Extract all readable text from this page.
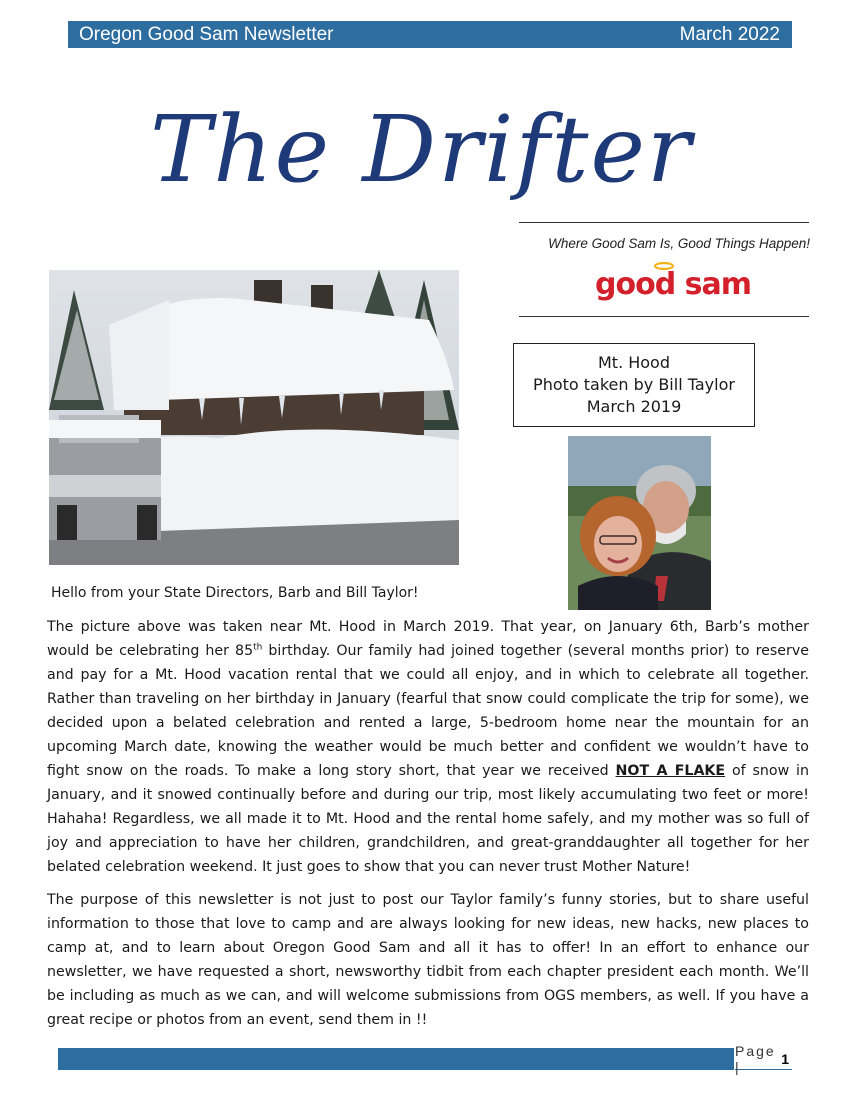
Oregon Good Sam Newsletter	March 2022
The Drifter
Where Good Sam Is, Good Things Happen!
good sam
Mt. Hood
Photo taken by Bill Taylor
March 2019
Hello from your State Directors, Barb and Bill Taylor!

The picture above was taken near Mt. Hood in March 2019. That year, on January 6th, Barb’s mother would be celebrating her 85th birthday. Our family had joined together (several months prior) to reserve and pay for a Mt. Hood vacation rental that we could all enjoy, and in which to celebrate all together. Rather than traveling on her birthday in January (fearful that snow could complicate the trip for some), we decided upon a belated celebration and rented a large, 5-bedroom home near the mountain for an upcoming March date, knowing the weather would be much better and confident we wouldn’t have to fight snow on the roads. To make a long story short, that year we received NOT A FLAKE of snow in January, and it snowed continually before and during our trip, most likely accumulating two feet or more! Hahaha! Regardless, we all made it to Mt. Hood and the rental home safely, and my mother was so full of joy and appreciation to have her children, grandchildren, and great-granddaughter all together for her belated celebration weekend. It just goes to show that you can never trust Mother Nature!

The purpose of this newsletter is not just to post our Taylor family’s funny stories, but to share useful information to those that love to camp and are always looking for new ideas, new hacks, new places to camp at, and to learn about Oregon Good Sam and all it has to offer! In an effort to enhance our newsletter, we have requested a short, newsworthy tidbit from each chapter president each month. We’ll be including as much as we can, and will welcome submissions from OGS members, as well. If you have a great recipe or photos from an event, send them in !!

Page |	1
